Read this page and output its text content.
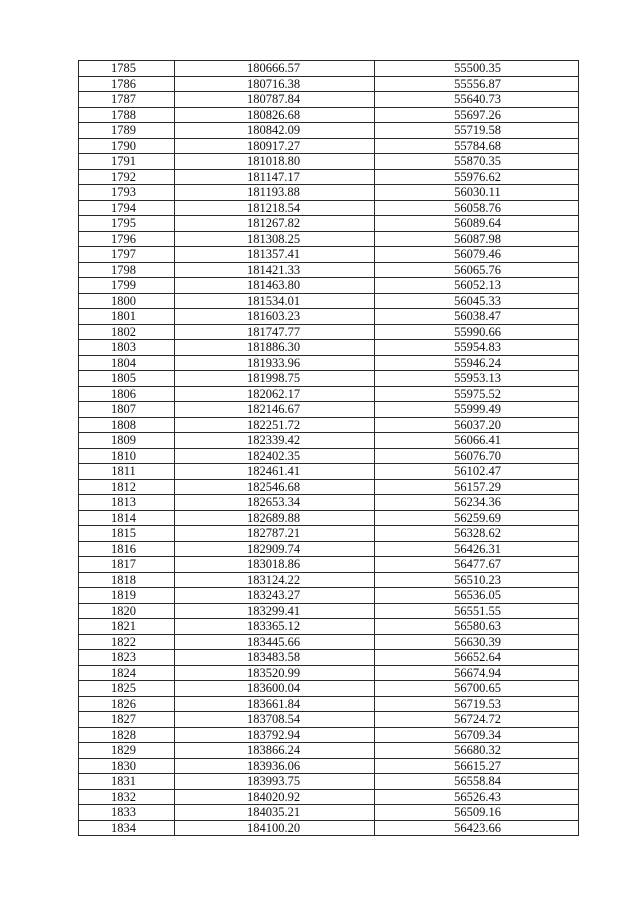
1785	180666.57	55500.35
1786	180716.38	55556.87
1787	180787.84	55640.73
1788	180826.68	55697.26
1789	180842.09	55719.58
1790	180917.27	55784.68
1791	181018.80	55870.35
1792	181147.17	55976.62
1793	181193.88	56030.11
1794	181218.54	56058.76
1795	181267.82	56089.64
1796	181308.25	56087.98
1797	181357.41	56079.46
1798	181421.33	56065.76
1799	181463.80	56052.13
1800	181534.01	56045.33
1801	181603.23	56038.47
1802	181747.77	55990.66
1803	181886.30	55954.83
1804	181933.96	55946.24
1805	181998.75	55953.13
1806	182062.17	55975.52
1807	182146.67	55999.49
1808	182251.72	56037.20
1809	182339.42	56066.41
1810	182402.35	56076.70
1811	182461.41	56102.47
1812	182546.68	56157.29
1813	182653.34	56234.36
1814	182689.88	56259.69
1815	182787.21	56328.62
1816	182909.74	56426.31
1817	183018.86	56477.67
1818	183124.22	56510.23
1819	183243.27	56536.05
1820	183299.41	56551.55
1821	183365.12	56580.63
1822	183445.66	56630.39
1823	183483.58	56652.64
1824	183520.99	56674.94
1825	183600.04	56700.65
1826	183661.84	56719.53
1827	183708.54	56724.72
1828	183792.94	56709.34
1829	183866.24	56680.32
1830	183936.06	56615.27
1831	183993.75	56558.84
1832	184020.92	56526.43
1833	184035.21	56509.16
1834	184100.20	56423.66
